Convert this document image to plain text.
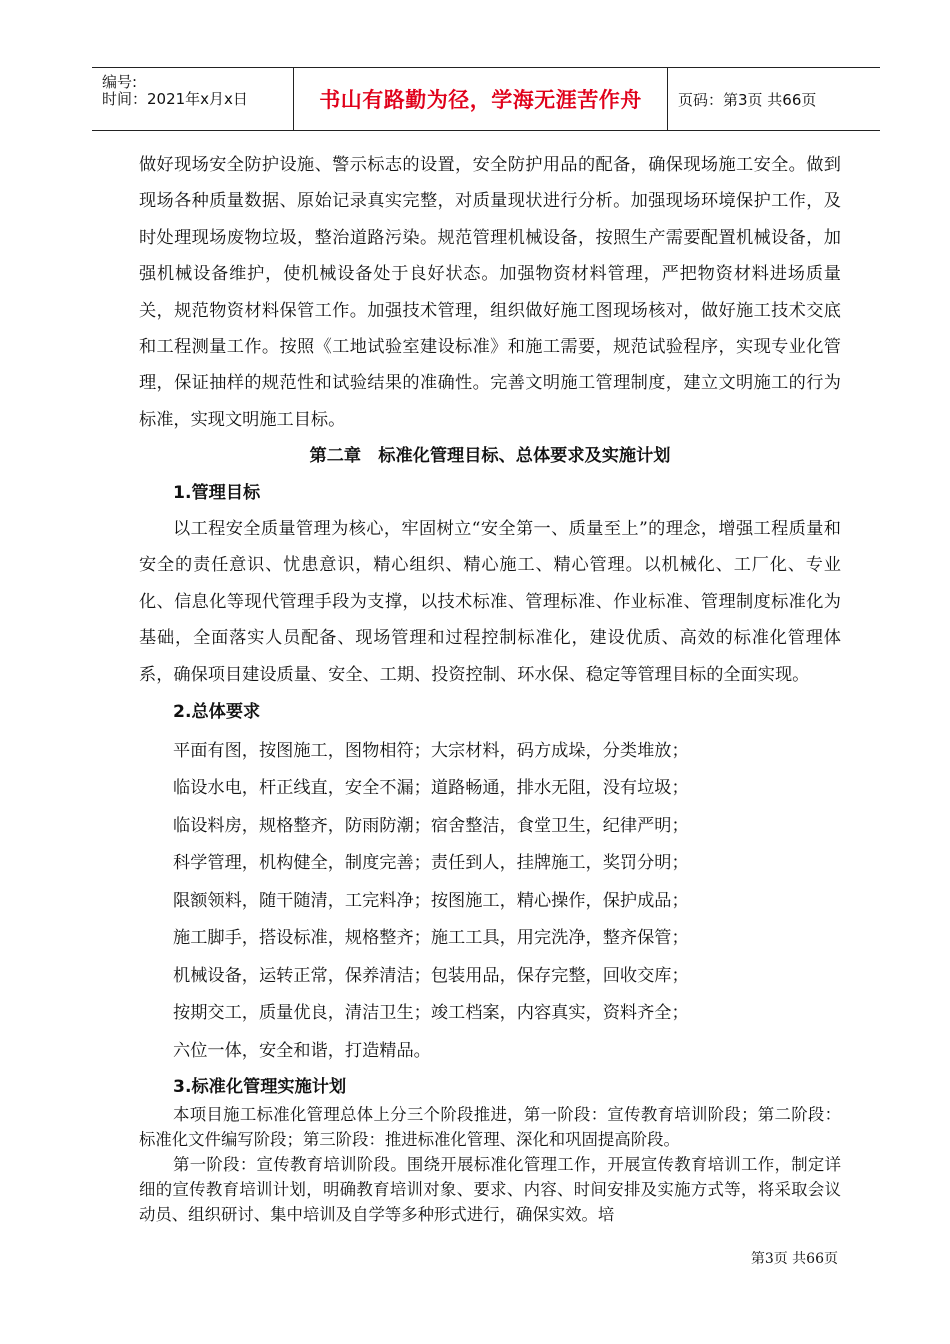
编号:
时间：2021年x月x日	书山有路勤为径，学海无涯苦作舟	页码：第3页 共66页

做好现场安全防护设施、警示标志的设置，安全防护用品的配备，确保现场施工安全。做到现场各种质量数据、原始记录真实完整，对质量现状进行分析。加强现场环境保护工作，及时处理现场废物垃圾，整治道路污染。规范管理机械设备，按照生产需要配置机械设备，加强机械设备维护，使机械设备处于良好状态。加强物资材料管理，严把物资材料进场质量关，规范物资材料保管工作。加强技术管理，组织做好施工图现场核对，做好施工技术交底和工程测量工作。按照《工地试验室建设标准》和施工需要，规范试验程序，实现专业化管理，保证抽样的规范性和试验结果的准确性。完善文明施工管理制度，建立文明施工的行为标准，实现文明施工目标。

第二章　标准化管理目标、总体要求及实施计划

1.管理目标

以工程安全质量管理为核心，牢固树立“安全第一、质量至上”的理念，增强工程质量和安全的责任意识、忧患意识，精心组织、精心施工、精心管理。以机械化、工厂化、专业化、信息化等现代管理手段为支撑，以技术标准、管理标准、作业标准、管理制度标准化为基础，全面落实人员配备、现场管理和过程控制标准化，建设优质、高效的标准化管理体系，确保项目建设质量、安全、工期、投资控制、环水保、稳定等管理目标的全面实现。

2.总体要求

平面有图，按图施工，图物相符；大宗材料，码方成垛，分类堆放；

临设水电，杆正线直，安全不漏；道路畅通，排水无阻，没有垃圾；

临设料房，规格整齐，防雨防潮；宿舍整洁，食堂卫生，纪律严明；

科学管理，机构健全，制度完善；责任到人，挂牌施工，奖罚分明；

限额领料，随干随清，工完料净；按图施工，精心操作，保护成品；

施工脚手，搭设标准，规格整齐；施工工具，用完洗净，整齐保管；

机械设备，运转正常，保养清洁；包装用品，保存完整，回收交库；

按期交工，质量优良，清洁卫生；竣工档案，内容真实，资料齐全；

六位一体，安全和谐，打造精品。

3.标准化管理实施计划

本项目施工标准化管理总体上分三个阶段推进，第一阶段：宣传教育培训阶段；第二阶段：标准化文件编写阶段；第三阶段：推进标准化管理、深化和巩固提高阶段。

第一阶段：宣传教育培训阶段。围绕开展标准化管理工作，开展宣传教育培训工作，制定详细的宣传教育培训计划，明确教育培训对象、要求、内容、时间安排及实施方式等，将采取会议动员、组织研讨、集中培训及自学等多种形式进行，确保实效。培

第3页 共66页
